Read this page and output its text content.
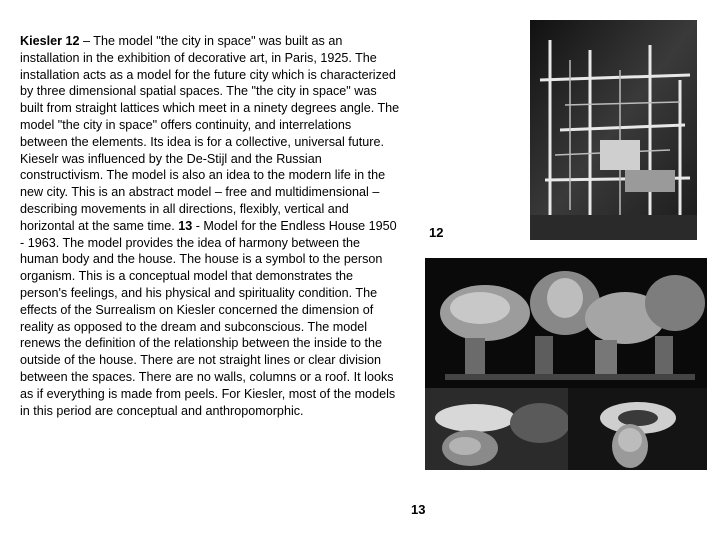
Kiesler 12 – The model "the city in space" was built as an installation in the exhibition of decorative art, in Paris, 1925. The installation acts as a model for the future city which is characterized by three dimensional spatial spaces. The "the city in space" was built from straight lattices which meet in a ninety degrees angle. The model "the city in space" offers continuity, and interrelations between the elements. Its idea is for a collective, universal future. Kieselr was influenced by the De-Stijl and the Russian constructivism. The model is also an idea to the modern life in the new city. This is an abstract model – free and multidimensional – describing movements in all directions, flexibly, vertical and horizontal at the same time. 13 - Model for the Endless House 1950 - 1963. The model provides the idea of harmony between the human body and the house. The house is a symbol to the person organism. This is a conceptual model that demonstrates the person's feelings, and his physical and spirituality condition. The effects of the Surrealism on Kiesler concerned the dimension of reality as opposed to the dream and subconscious. The model renews the definition of the relationship between the inside to the outside of the house. There are not straight lines or clear division between the spaces. There are no walls, columns or a roof. It looks as if everything is made from peels. For Kiesler, most of the models in this period are conceptual and anthropomorphic.

12
13
